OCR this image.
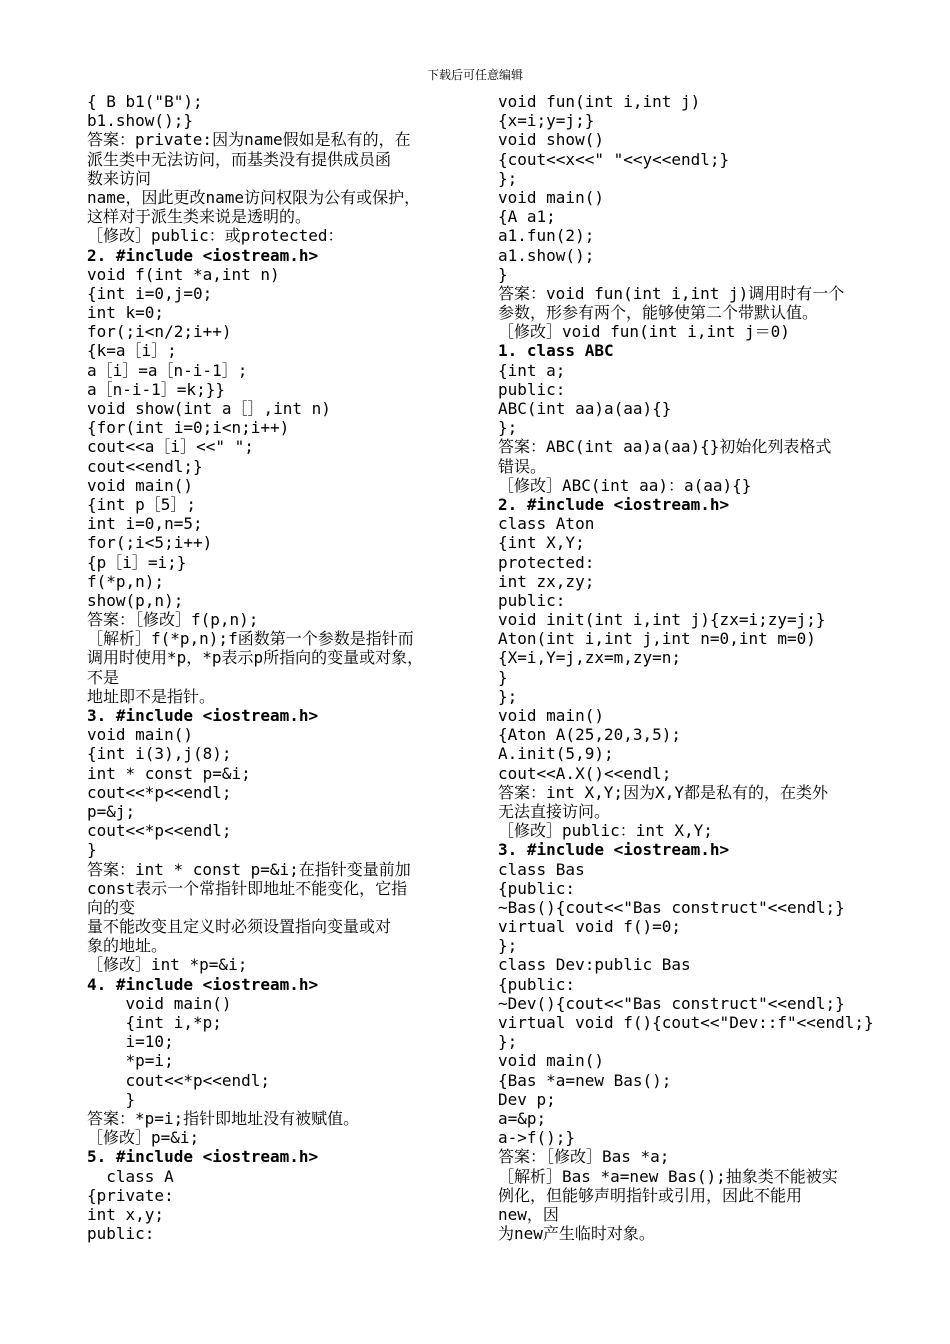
下载后可任意编辑
{ B b1("B");
b1.show();}
答案：private:因为name假如是私有的，在
派生类中无法访问，而基类没有提供成员函
数来访问
name，因此更改name访问权限为公有或保护，
这样对于派生类来说是透明的。
［修改］public：或protected：
2. #include <iostream.h>
void f(int *a,int n)
{int i=0,j=0;
int k=0;
for(;i<n/2;i++)
{k=a［i］;
a［i］=a［n-i-1］;
a［n-i-1］=k;}}
void show(int a［］,int n)
{for(int i=0;i<n;i++)
cout<<a［i］<<" ";
cout<<endl;}
void main()
{int p［5］;
int i=0,n=5;
for(;i<5;i++)
{p［i］=i;}
f(*p,n);
show(p,n);
答案：［修改］f(p,n);
［解析］f(*p,n);f函数第一个参数是指针而
调用时使用*p，*p表示p所指向的变量或对象，
不是
地址即不是指针。
3. #include <iostream.h>
void main()
{int i(3),j(8);
int * const p=&i;
cout<<*p<<endl;
p=&j;
cout<<*p<<endl;
}
答案：int * const p=&i;在指针变量前加
const表示一个常指针即地址不能变化，它指
向的变
量不能改变且定义时必须设置指向变量或对
象的地址。
［修改］int *p=&i;
4. #include <iostream.h>
void main()
{int i,*p;
i=10;
*p=i;
cout<<*p<<endl;
}
答案：*p=i;指针即地址没有被赋值。
［修改］p=&i;
5. #include <iostream.h>
class A
{private:
int x,y;
public:
void fun(int i,int j)
{x=i;y=j;}
void show()
{cout<<x<<" "<<y<<endl;}
};
void main()
{A a1;
a1.fun(2);
a1.show();
}
答案：void fun(int i,int j)调用时有一个
参数，形参有两个，能够使第二个带默认值。
［修改］void fun(int i,int j＝0)
1. class ABC
{int a;
public:
ABC(int aa)a(aa){}
};
答案：ABC(int aa)a(aa){}初始化列表格式
错误。
［修改］ABC(int aa)：a(aa){}
2. #include <iostream.h>
class Aton
{int X,Y;
protected:
int zx,zy;
public:
void init(int i,int j){zx=i;zy=j;}
Aton(int i,int j,int n=0,int m=0)
{X=i,Y=j,zx=m,zy=n;
}
};
void main()
{Aton A(25,20,3,5);
A.init(5,9);
cout<<A.X()<<endl;
答案：int X,Y;因为X,Y都是私有的，在类外
无法直接访问。
［修改］public：int X,Y;
3. #include <iostream.h>
class Bas
{public:
~Bas(){cout<<"Bas construct"<<endl;}
virtual void f()=0;
};
class Dev:public Bas
{public:
~Dev(){cout<<"Bas construct"<<endl;}
virtual void f(){cout<<"Dev::f"<<endl;}
};
void main()
{Bas *a=new Bas();
Dev p;
a=&p;
a->f();}
答案：［修改］Bas *a;
［解析］Bas *a=new Bas();抽象类不能被实
例化，但能够声明指针或引用，因此不能用
new，因
为new产生临时对象。
